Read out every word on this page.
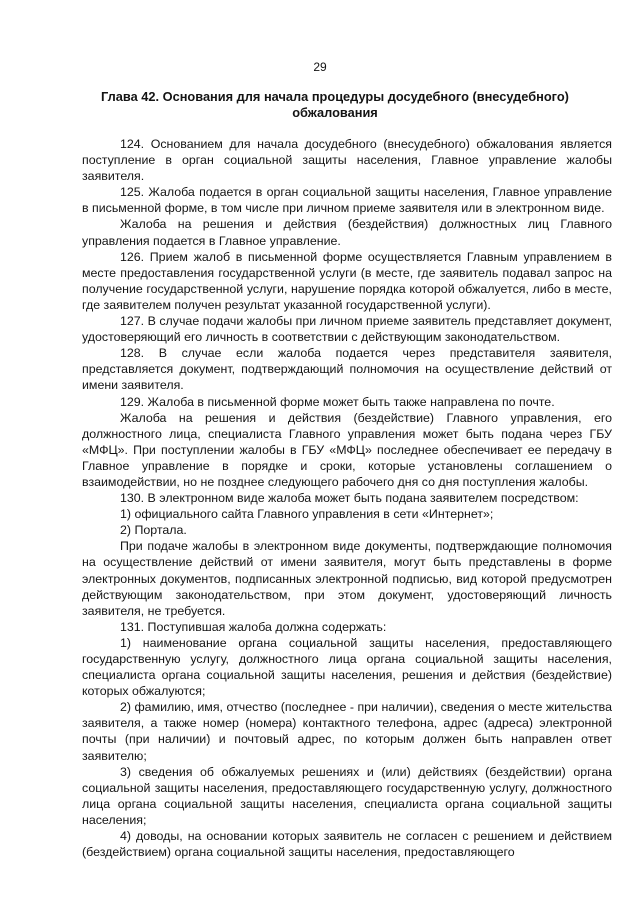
29
Глава 42. Основания для начала процедуры досудебного (внесудебного) обжалования

124. Основанием для начала досудебного (внесудебного) обжалования является поступление в орган социальной защиты населения, Главное управление жалобы заявителя.

125. Жалоба подается в орган социальной защиты населения, Главное управление в письменной форме, в том числе при личном приеме заявителя или в электронном виде.

Жалоба на решения и действия (бездействия) должностных лиц Главного управления подается в Главное управление.

126. Прием жалоб в письменной форме осуществляется Главным управлением в месте предоставления государственной услуги (в месте, где заявитель подавал запрос на получение государственной услуги, нарушение порядка которой обжалуется, либо в месте, где заявителем получен результат указанной государственной услуги).

127. В случае подачи жалобы при личном приеме заявитель представляет документ, удостоверяющий его личность в соответствии с действующим законодательством.

128. В случае если жалоба подается через представителя заявителя, представляется документ, подтверждающий полномочия на осуществление действий от имени заявителя.

129. Жалоба в письменной форме может быть также направлена по почте.

Жалоба на решения и действия (бездействие) Главного управления, его должностного лица, специалиста Главного управления может быть подана через ГБУ «МФЦ». При поступлении жалобы в ГБУ «МФЦ» последнее обеспечивает ее передачу в Главное управление в порядке и сроки, которые установлены соглашением о взаимодействии, но не позднее следующего рабочего дня со дня поступления жалобы.

130. В электронном виде жалоба может быть подана заявителем посредством:

1) официального сайта Главного управления в сети «Интернет»;

2) Портала.

При подаче жалобы в электронном виде документы, подтверждающие полномочия на осуществление действий от имени заявителя, могут быть представлены в форме электронных документов, подписанных электронной подписью, вид которой предусмотрен действующим законодательством, при этом документ, удостоверяющий личность заявителя, не требуется.

131. Поступившая жалоба должна содержать:

1) наименование органа социальной защиты населения, предоставляющего государственную услугу, должностного лица органа социальной защиты населения, специалиста органа социальной защиты населения, решения и действия (бездействие) которых обжалуются;

2) фамилию, имя, отчество (последнее - при наличии), сведения о месте жительства заявителя, а также номер (номера) контактного телефона, адрес (адреса) электронной почты (при наличии) и почтовый адрес, по которым должен быть направлен ответ заявителю;

3) сведения об обжалуемых решениях и (или) действиях (бездействии) органа социальной защиты населения, предоставляющего государственную услугу, должностного лица органа социальной защиты населения, специалиста органа социальной защиты населения;

4) доводы, на основании которых заявитель не согласен с решением и действием (бездействием) органа социальной защиты населения, предоставляющего
